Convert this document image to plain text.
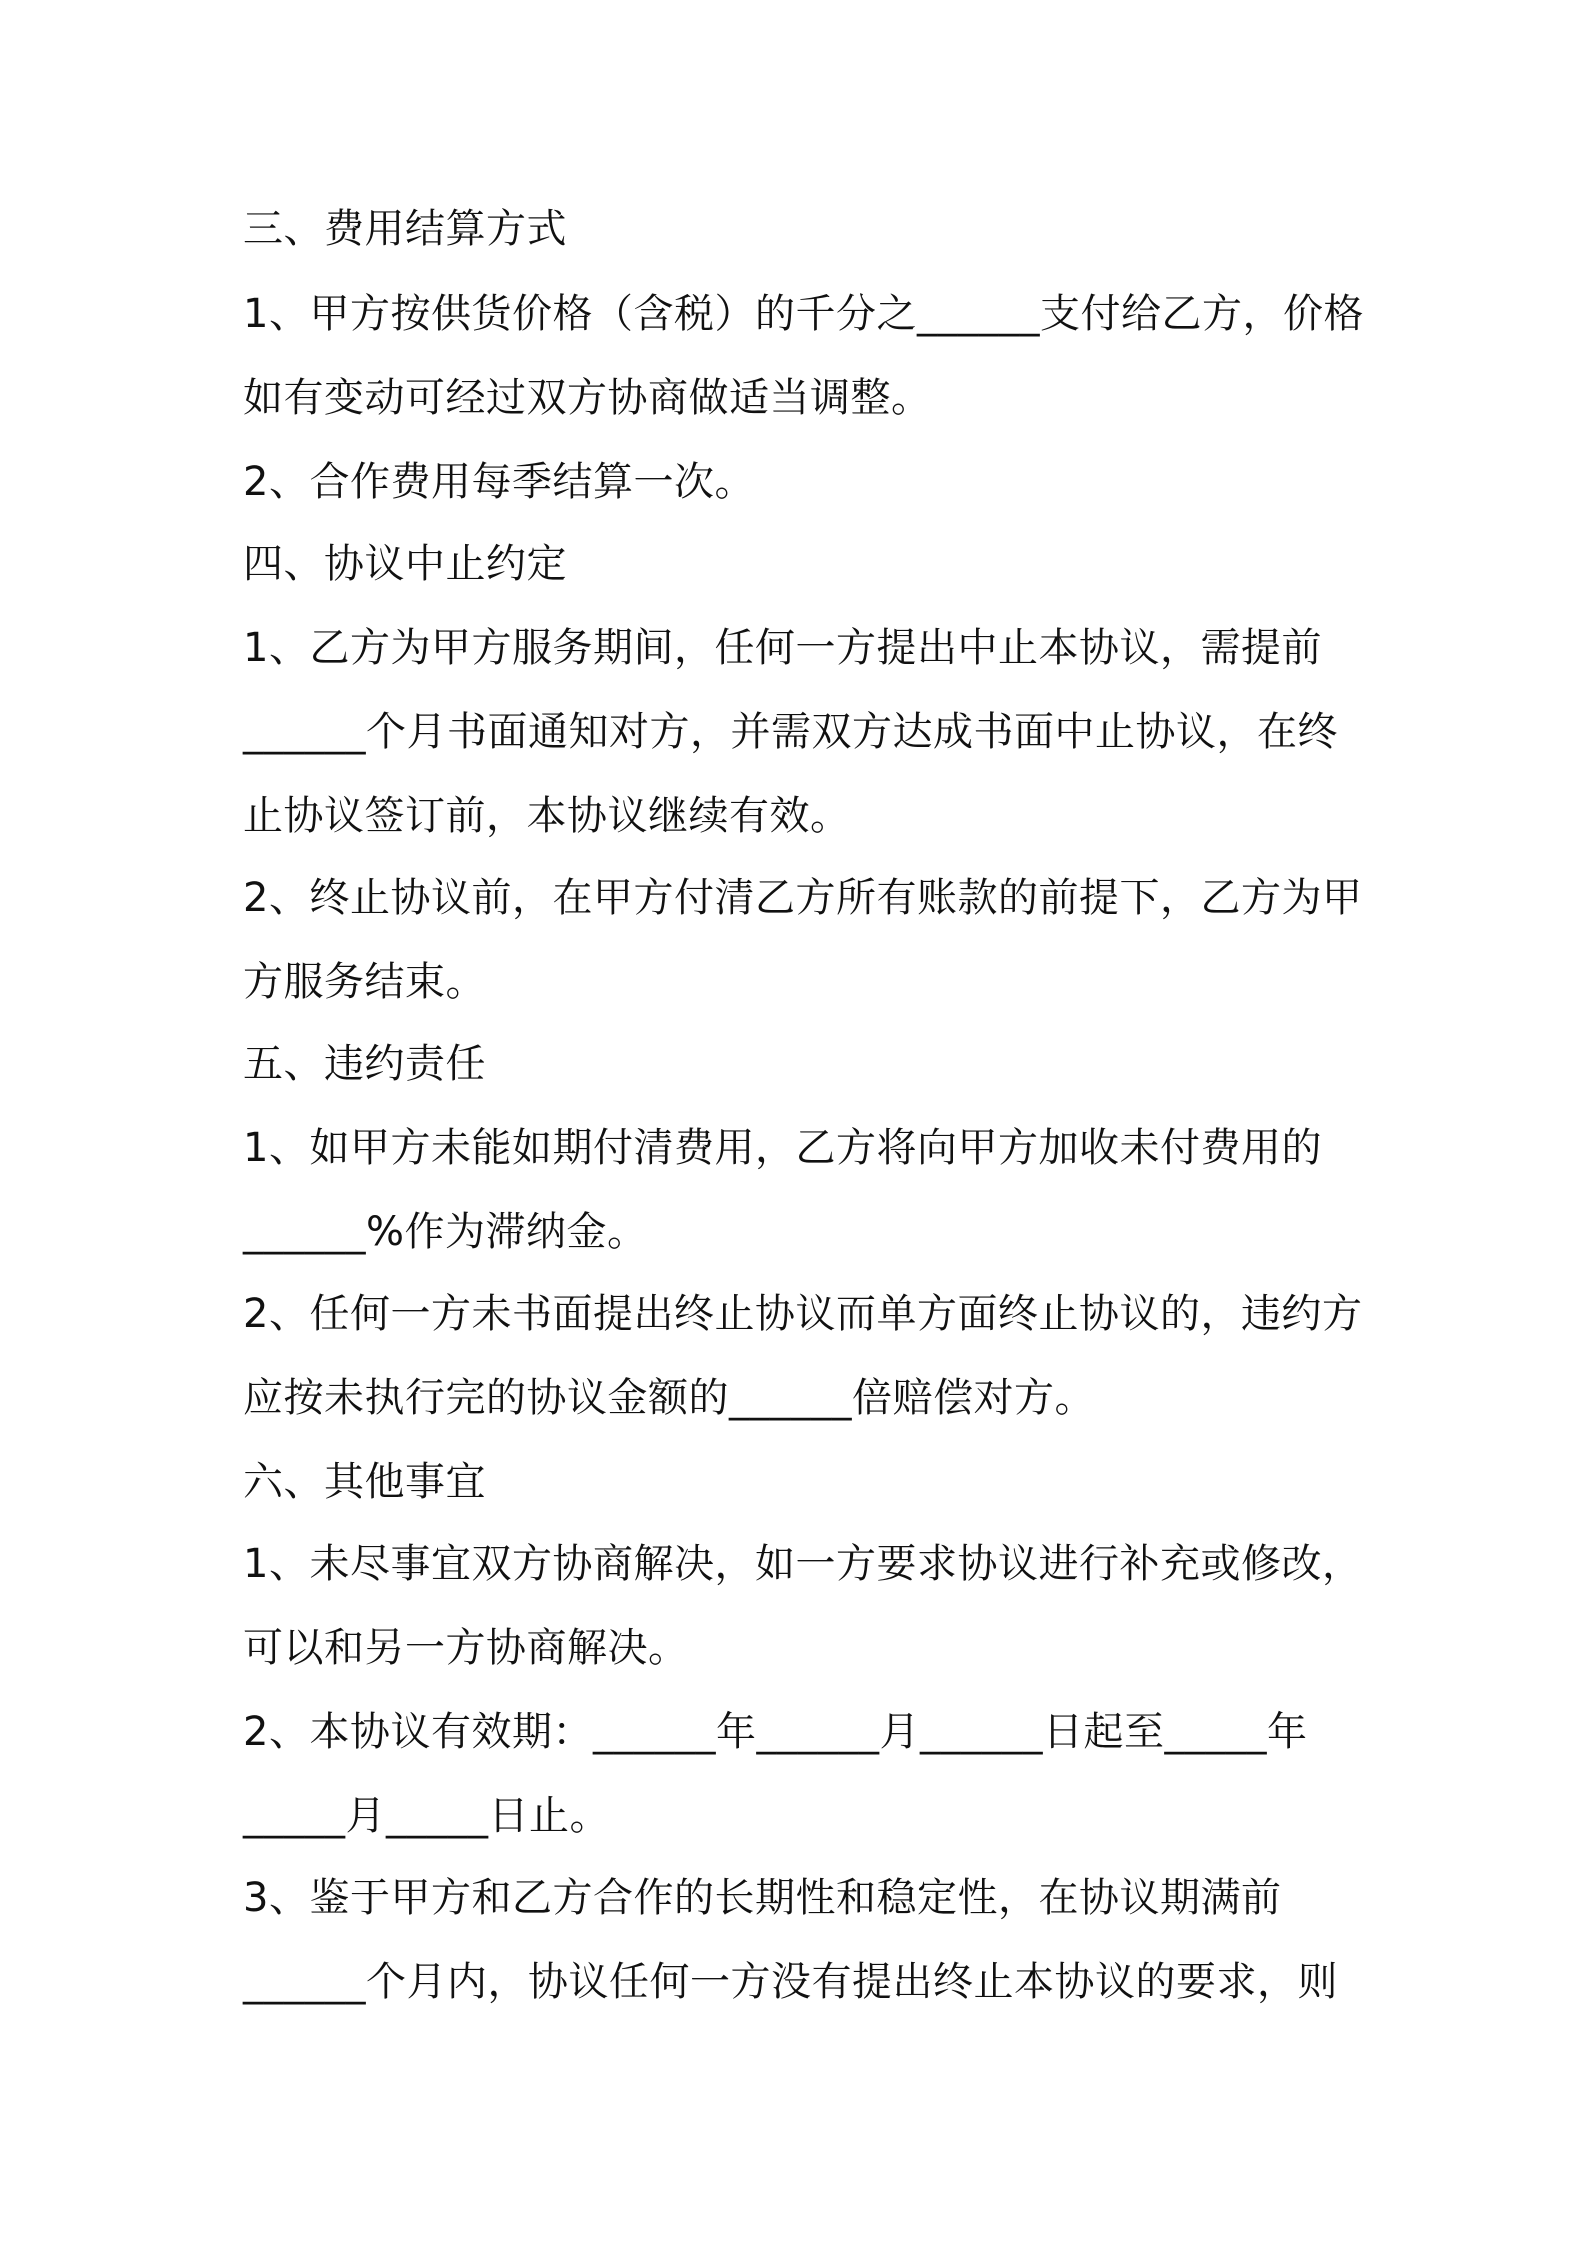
三、费用结算方式
1、甲方按供货价格（含税）的千分之______支付给乙方，价格
如有变动可经过双方协商做适当调整。
2、合作费用每季结算一次。
四、协议中止约定
1、乙方为甲方服务期间，任何一方提出中止本协议，需提前
______个月书面通知对方，并需双方达成书面中止协议，在终
止协议签订前，本协议继续有效。
2、终止协议前，在甲方付清乙方所有账款的前提下，乙方为甲
方服务结束。
五、违约责任
1、如甲方未能如期付清费用，乙方将向甲方加收未付费用的
______%作为滞纳金。
2、任何一方未书面提出终止协议而单方面终止协议的，违约方
应按未执行完的协议金额的______倍赔偿对方。
六、其他事宜
1、未尽事宜双方协商解决，如一方要求协议进行补充或修改，
可以和另一方协商解决。
2、本协议有效期：______年______月______日起至_____年
_____月_____日止。
3、鉴于甲方和乙方合作的长期性和稳定性，在协议期满前
______个月内，协议任何一方没有提出终止本协议的要求，则
